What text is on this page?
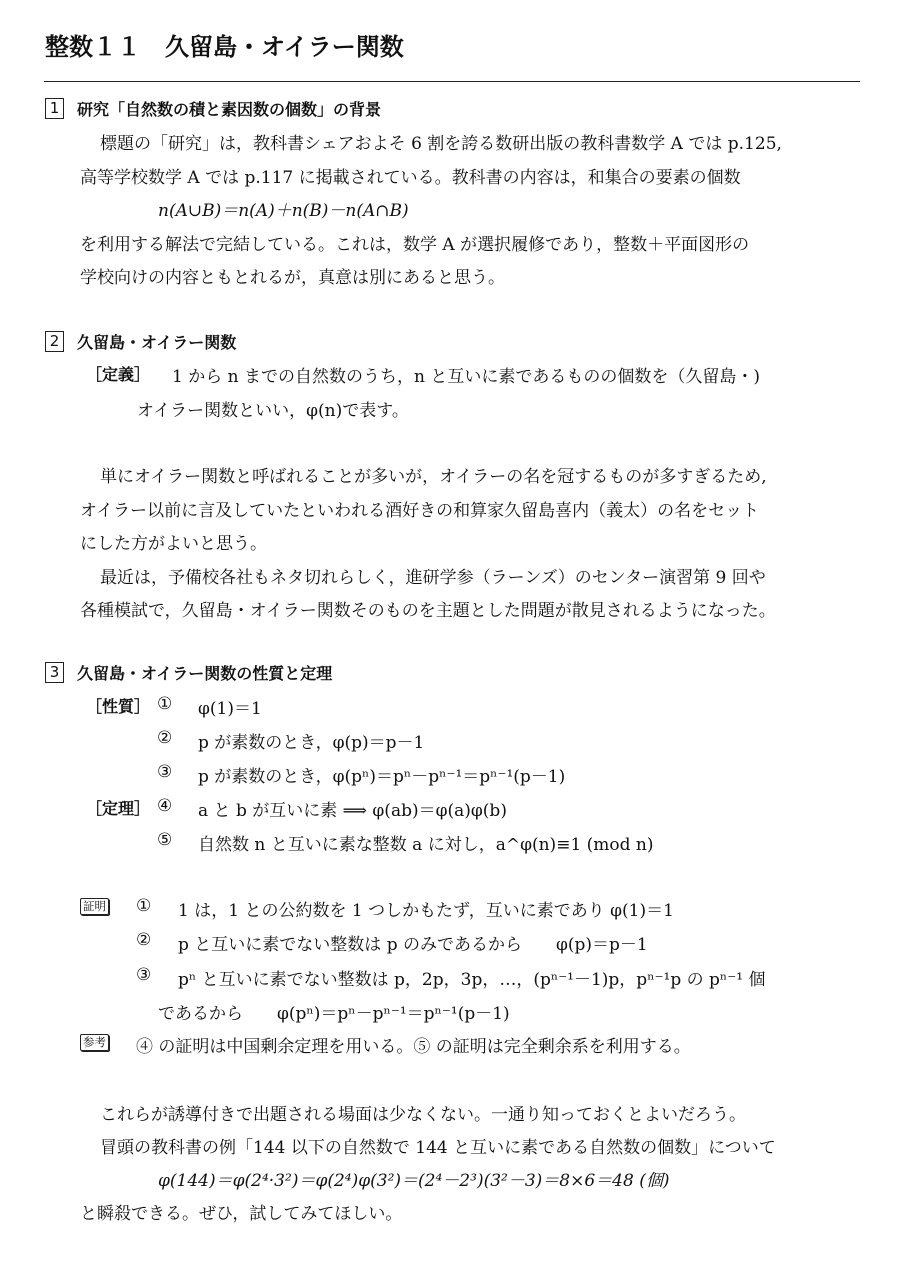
整数１１　久留島・オイラー関数
1 研究「自然数の積と素因数の個数」の背景
標題の「研究」は，教科書シェアおよそ 6 割を誇る数研出版の教科書数学 A では p.125,
高等学校数学 A では p.117 に掲載されている。教科書の内容は，和集合の要素の個数
n(A∪B)＝n(A)＋n(B)－n(A∩B)
を利用する解法で完結している。これは，数学 A が選択履修であり，整数＋平面図形の
学校向けの内容ともとれるが，真意は別にあると思う。
2 久留島・オイラー関数
［定義］ 1 から n までの自然数のうち，n と互いに素であるものの個数を（久留島・)
オイラー関数といい，φ(n)で表す。
単にオイラー関数と呼ばれることが多いが，オイラーの名を冠するものが多すぎるため,
オイラー以前に言及していたといわれる酒好きの和算家久留島喜内（義太）の名をセット
にした方がよいと思う。
最近は，予備校各社もネタ切れらしく，進研学参（ラーンズ）のセンター演習第 9 回や
各種模試で，久留島・オイラー関数そのものを主題とした問題が散見されるようになった。
3 久留島・オイラー関数の性質と定理
［性質］ ① φ(1)＝1
② p が素数のとき，φ(p)＝p－1
③ p が素数のとき，φ(pⁿ)＝pⁿ－pⁿ⁻¹＝pⁿ⁻¹(p－1)
［定理］ ④ a と b が互いに素 ⟹ φ(ab)＝φ(a)φ(b)
⑤ 自然数 n と互いに素な整数 a に対し，a^φ(n)≡1 (mod n)
証明 ① 1 は，1 との公約数を 1 つしかもたず，互いに素であり φ(1)＝1
② p と互いに素でない整数は p のみであるから　　φ(p)＝p－1
③ pⁿ と互いに素でない整数は p，2p，3p，…，(pⁿ⁻¹－1)p，pⁿ⁻¹p の pⁿ⁻¹ 個
であるから　　φ(pⁿ)＝pⁿ－pⁿ⁻¹＝pⁿ⁻¹(p－1)
参考 ④ の証明は中国剰余定理を用いる。⑤ の証明は完全剰余系を利用する。
これらが誘導付きで出題される場面は少なくない。一通り知っておくとよいだろう。
冒頭の教科書の例「144 以下の自然数で 144 と互いに素である自然数の個数」について
φ(144)＝φ(2⁴·3²)＝φ(2⁴)φ(3²)＝(2⁴－2³)(3²－3)＝8×6＝48 (個)
と瞬殺できる。ぜひ，試してみてほしい。
